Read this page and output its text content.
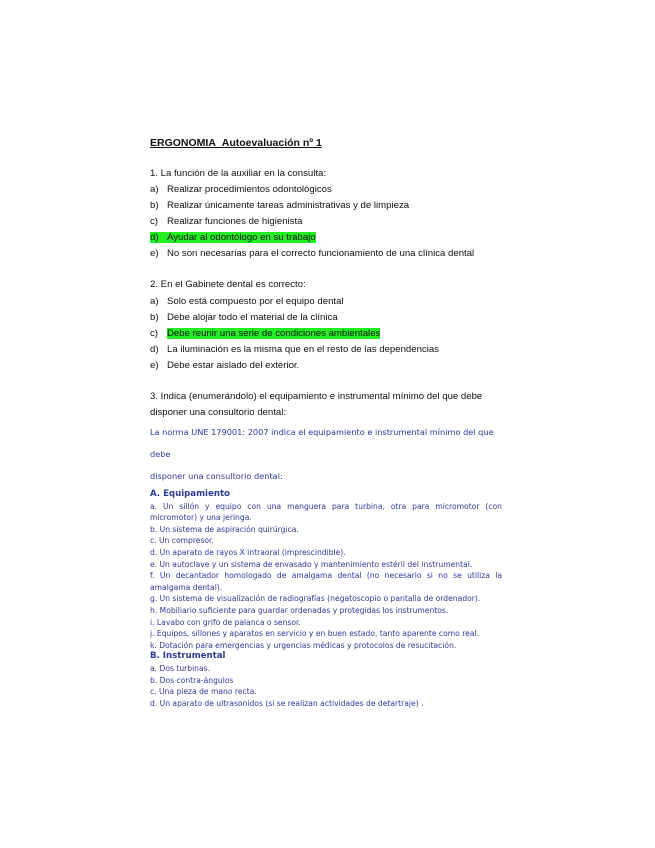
ERGONOMIA_Autoevaluación nº 1
1. La función de la auxiliar en la consulta:
a) Realizar procedimientos odontológicos
b) Realizar únicamente tareas administrativas y de limpieza
c) Realizar funciones de higienista
d) Ayudar al odontólogo en su trabajo
e) No son necesarias para el correcto funcionamiento de una clínica dental
2. En el Gabinete dental es correcto:
a) Solo está compuesto por el equipo dental
b) Debe alojar todo el material de la clínica
c) Debe reunir una serie de condiciones ambientales
d) La iluminación es la misma que en el resto de las dependencias
e) Debe estar aislado del exterior.
3. Indica (enumerándolo) el equipamiento e instrumental mínimo del que debe
disponer una consultorio dental:
La norma UNE 179001: 2007 indica el equipamiento e instrumental mínimo del que debe
disponer una consultorio dental:
A. Equipamiento
a. Un sillón y equipo con una manguera para turbina, otra para micromotor (con micromotor) y una jeringa.
b. Un sistema de aspiración quirúrgica.
c. Un compresor.
d. Un aparato de rayos X intraoral (imprescindible).
e. Un autoclave y un sistema de envasado y mantenimiento estéril del instrumental.
f. Un decantador homologado de amalgama dental (no necesario si no se utiliza la amalgama dental).
g. Un sistema de visualización de radiografías (negatoscopio o pantalla de ordenador).
h. Mobiliario suficiente para guardar ordenadas y protegidas los instrumentos.
i. Lavabo con grifo de palanca o sensor.
j. Equipos, sillones y aparatos en servicio y en buen estado, tanto aparente como real.
k. Dotación para emergencias y urgencias médicas y protocolos de resucitación.
B. Instrumental
a. Dos turbinas.
b. Dos contra-ángulos
c. Una pieza de mano recta.
d. Un aparato de ultrasonidos (si se realizan actividades de detartraje) .
